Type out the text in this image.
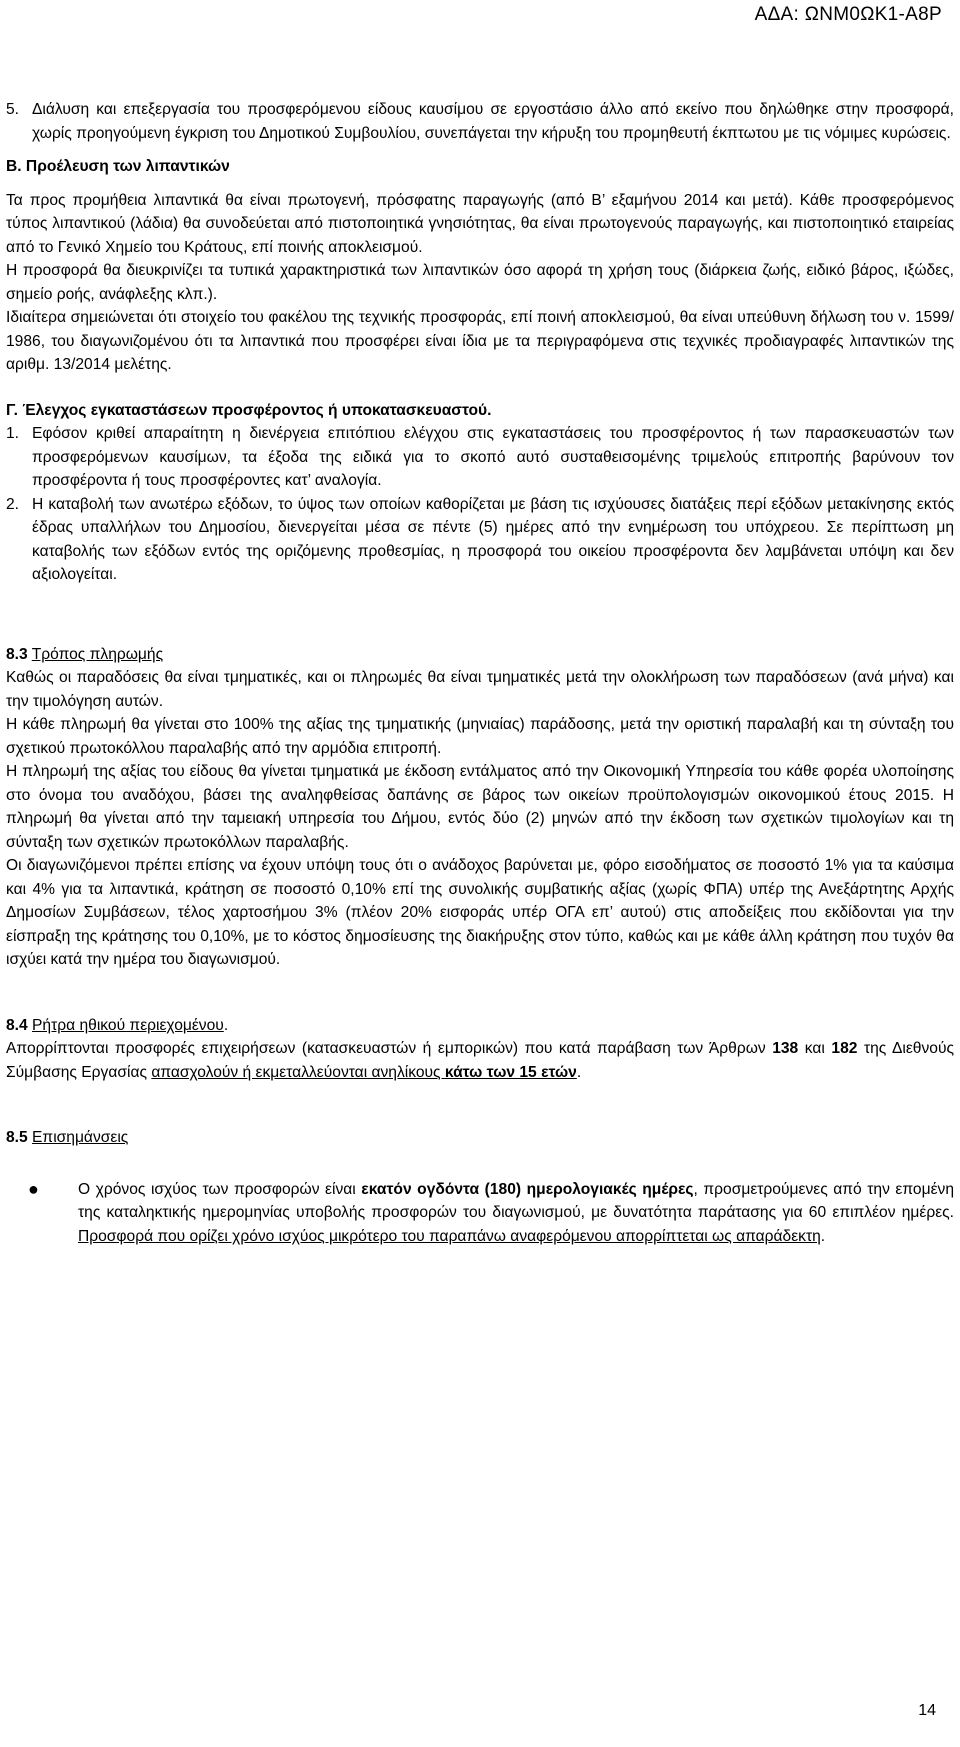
ΑΔΑ: ΩΝΜ0ΩΚ1-Α8Ρ
5. Διάλυση και επεξεργασία του προσφερόμενου είδους καυσίμου σε εργοστάσιο άλλο από εκείνο που δηλώθηκε στην προσφορά, χωρίς προηγούμενη έγκριση του Δημοτικού Συμβουλίου, συνεπάγεται την κήρυξη του προμηθευτή έκπτωτου με τις νόμιμες κυρώσεις.

Β. Προέλευση των λιπαντικών

Τα προς προμήθεια λιπαντικά θα είναι πρωτογενή, πρόσφατης παραγωγής (από Β’ εξαμήνου 2014 και μετά). Κάθε προσφερόμενος τύπος λιπαντικού (λάδια) θα συνοδεύεται από πιστοποιητικά γνησιότητας, θα είναι πρωτογενούς παραγωγής, και πιστοποιητικό εταιρείας από το Γενικό Χημείο του Κράτους, επί ποινής αποκλεισμού.

Η προσφορά θα διευκρινίζει τα τυπικά χαρακτηριστικά των λιπαντικών όσο αφορά τη χρήση τους (διάρκεια ζωής, ειδικό βάρος, ιξώδες, σημείο ροής, ανάφλεξης κλπ.).

Ιδιαίτερα σημειώνεται ότι στοιχείο του φακέλου της τεχνικής προσφοράς, επί ποινή αποκλεισμού, θα είναι υπεύθυνη δήλωση του ν. 1599/ 1986, του διαγωνιζομένου ότι τα λιπαντικά που προσφέρει είναι ίδια με τα περιγραφόμενα στις τεχνικές προδιαγραφές λιπαντικών της αριθμ. 13/2014 μελέτης.

Γ. Έλεγχος εγκαταστάσεων προσφέροντος ή υποκατασκευαστού.

1. Εφόσον κριθεί απαραίτητη η διενέργεια επιτόπιου ελέγχου στις εγκαταστάσεις του προσφέροντος ή των παρασκευαστών των προσφερόμενων καυσίμων, τα έξοδα της ειδικά για το σκοπό αυτό συσταθεισομένης τριμελούς επιτροπής βαρύνουν τον προσφέροντα ή τους προσφέροντες κατ’ αναλογία.
2. Η καταβολή των ανωτέρω εξόδων, το ύψος των οποίων καθορίζεται με βάση τις ισχύουσες διατάξεις περί εξόδων μετακίνησης εκτός έδρας υπαλλήλων του Δημοσίου, διενεργείται μέσα σε πέντε (5) ημέρες από την ενημέρωση του υπόχρεου. Σε περίπτωση μη καταβολής των εξόδων εντός της οριζόμενης προθεσμίας, η προσφορά του οικείου προσφέροντα δεν λαμβάνεται υπόψη και δεν αξιολογείται.

8.3 Τρόπος πληρωμής

Καθώς οι παραδόσεις θα είναι τμηματικές, και οι πληρωμές θα είναι τμηματικές μετά την ολοκλήρωση των παραδόσεων (ανά μήνα) και την τιμολόγηση αυτών.

Η κάθε πληρωμή θα γίνεται στο 100% της αξίας της τμηματικής (μηνιαίας) παράδοσης, μετά την οριστική παραλαβή και τη σύνταξη του σχετικού πρωτοκόλλου παραλαβής από την αρμόδια επιτροπή.

Η πληρωμή της αξίας του είδους θα γίνεται τμηματικά με έκδοση εντάλματος από την Οικονομική Υπηρεσία του κάθε φορέα υλοποίησης στο όνομα του αναδόχου, βάσει της αναληφθείσας δαπάνης σε βάρος των οικείων προϋπολογισμών οικονομικού έτους 2015. Η πληρωμή θα γίνεται από την ταμειακή υπηρεσία του Δήμου, εντός δύο (2) μηνών από την έκδοση των σχετικών τιμολογίων και τη σύνταξη των σχετικών πρωτοκόλλων παραλαβής.

Οι διαγωνιζόμενοι πρέπει επίσης να έχουν υπόψη τους ότι ο ανάδοχος βαρύνεται με, φόρο εισοδήματος σε ποσοστό 1% για τα καύσιμα και 4% για τα λιπαντικά, κράτηση σε ποσοστό 0,10% επί της συνολικής συμβατικής αξίας (χωρίς ΦΠΑ) υπέρ της Ανεξάρτητης Αρχής Δημοσίων Συμβάσεων, τέλος χαρτοσήμου 3% (πλέον 20% εισφοράς υπέρ ΟΓΑ επ’ αυτού) στις αποδείξεις που εκδίδονται για την είσπραξη της κράτησης του 0,10%, με το κόστος δημοσίευσης της διακήρυξης στον τύπο, καθώς και με κάθε άλλη κράτηση που τυχόν θα ισχύει κατά την ημέρα του διαγωνισμού.

8.4 Ρήτρα ηθικού περιεχομένου.

Απορρίπτονται προσφορές επιχειρήσεων (κατασκευαστών ή εμπορικών) που κατά παράβαση των Άρθρων 138 και 182 της Διεθνούς Σύμβασης Εργασίας απασχολούν ή εκμεταλλεύονται ανηλίκους κάτω των 15 ετών.

8.5 Επισημάνσεις

●	Ο χρόνος ισχύος των προσφορών είναι εκατόν ογδόντα (180) ημερολογιακές ημέρες, προσμετρούμενες από την επομένη της καταληκτικής ημερομηνίας υποβολής προσφορών του διαγωνισμού, με δυνατότητα παράτασης για 60 επιπλέον ημέρες. Προσφορά που ορίζει χρόνο ισχύος μικρότερο του παραπάνω αναφερόμενου απορρίπτεται ως απαράδεκτη.
14
